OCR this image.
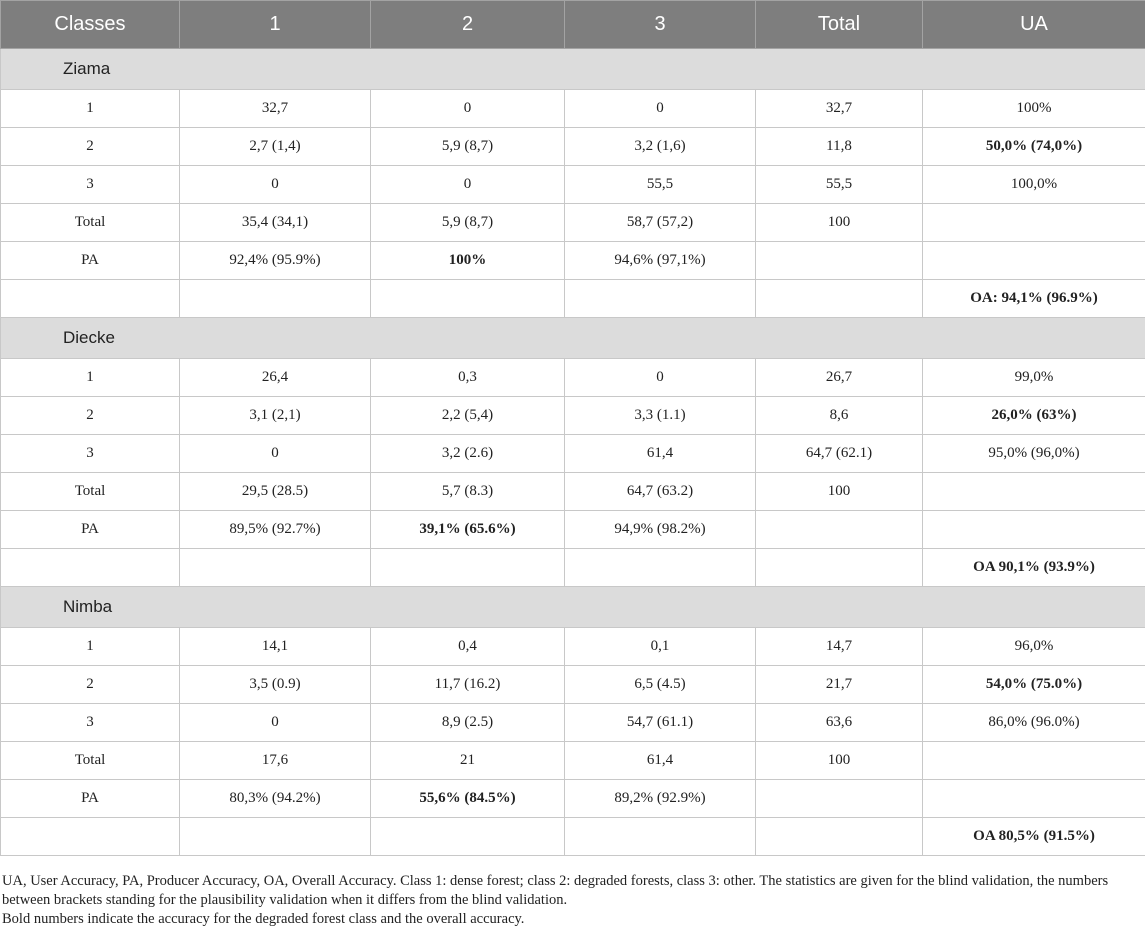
Classes	1	2	3	Total	UA
Ziama					
1	32,7	0	0	32,7	100%
2	2,7 (1,4)	5,9 (8,7)	3,2 (1,6)	11,8	50,0% (74,0%)
3	0	0	55,5	55,5	100,0%
Total	35,4 (34,1)	5,9 (8,7)	58,7 (57,2)	100	
PA	92,4% (95.9%)	100%	94,6% (97,1%)		
					OA: 94,1% (96.9%)
Diecke					
1	26,4	0,3	0	26,7	99,0%
2	3,1 (2,1)	2,2 (5,4)	3,3 (1.1)	8,6	26,0% (63%)
3	0	3,2 (2.6)	61,4	64,7 (62.1)	95,0% (96,0%)
Total	29,5 (28.5)	5,7 (8.3)	64,7 (63.2)	100	
PA	89,5% (92.7%)	39,1% (65.6%)	94,9% (98.2%)		
					OA 90,1% (93.9%)
Nimba					
1	14,1	0,4	0,1	14,7	96,0%
2	3,5 (0.9)	11,7 (16.2)	6,5 (4.5)	21,7	54,0% (75.0%)
3	0	8,9 (2.5)	54,7 (61.1)	63,6	86,0% (96.0%)
Total	17,6	21	61,4	100	
PA	80,3% (94.2%)	55,6% (84.5%)	89,2% (92.9%)		
					OA 80,5% (91.5%)

UA, User Accuracy, PA, Producer Accuracy, OA, Overall Accuracy. Class 1: dense forest; class 2: degraded forests, class 3: other. The statistics are given for the blind validation, the numbers between brackets standing for the plausibility validation when it differs from the blind validation.

Bold numbers indicate the accuracy for the degraded forest class and the overall accuracy.
